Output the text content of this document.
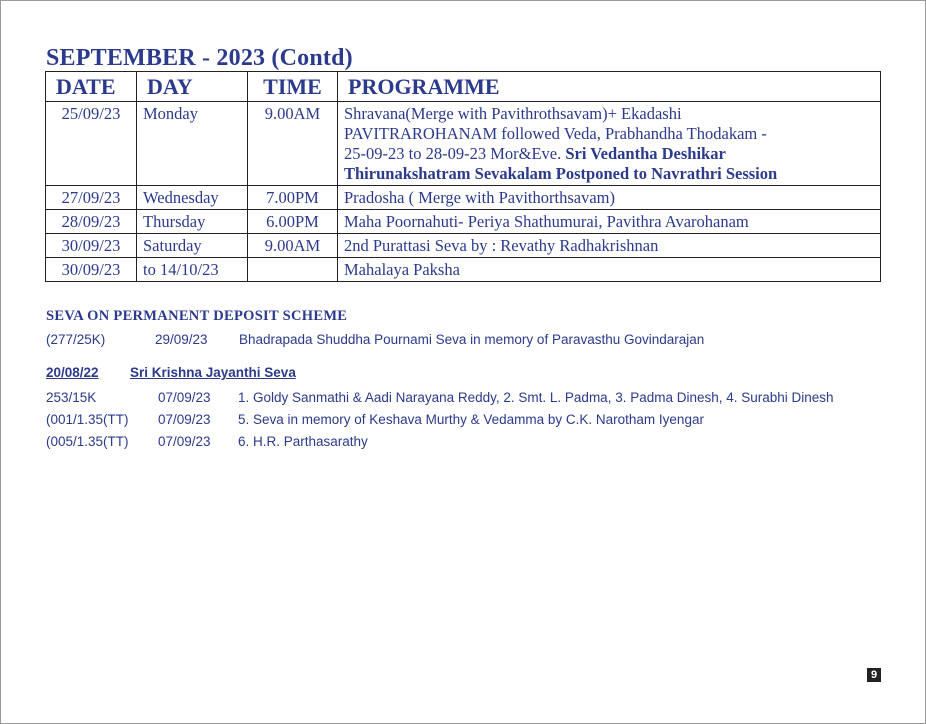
SEPTEMBER - 2023 (Contd)
DATE	DAY	TIME	PROGRAMME
25/09/23	Monday	9.00AM	Shravana(Merge with Pavithrothsavam)+ Ekadashi
PAVITRAROHANAM followed Veda, Prabhandha Thodakam -
25-09-23 to 28-09-23 Mor&Eve. Sri Vedantha Deshikar
Thirunakshatram Sevakalam Postponed to Navrathri Session

27/09/23	Wednesday	7.00PM	Pradosha ( Merge with Pavithorthsavam)
28/09/23	Thursday	6.00PM	Maha Poornahuti- Periya Shathumurai, Pavithra Avarohanam
30/09/23	Saturday	9.00AM	2nd Purattasi Seva by : Revathy Radhakrishnan
30/09/23	to 14/10/23		Mahalaya Paksha
SEVA ON PERMANENT DEPOSIT SCHEME
(277/25K)	29/09/23 Bhadrapada Shuddha Pournami Seva in memory of Paravasthu Govindarajan
20/08/22 Sri Krishna Jayanthi Seva
253/15K	07/09/23 1. Goldy Sanmathi & Aadi Narayana Reddy, 2. Smt. L. Padma, 3. Padma Dinesh, 4. Surabhi Dinesh
(001/1.35(TT) 07/09/23 5. Seva in memory of Keshava Murthy & Vedamma by C.K. Narotham Iyengar
(005/1.35(TT) 07/09/23 6. H.R. Parthasarathy
9
